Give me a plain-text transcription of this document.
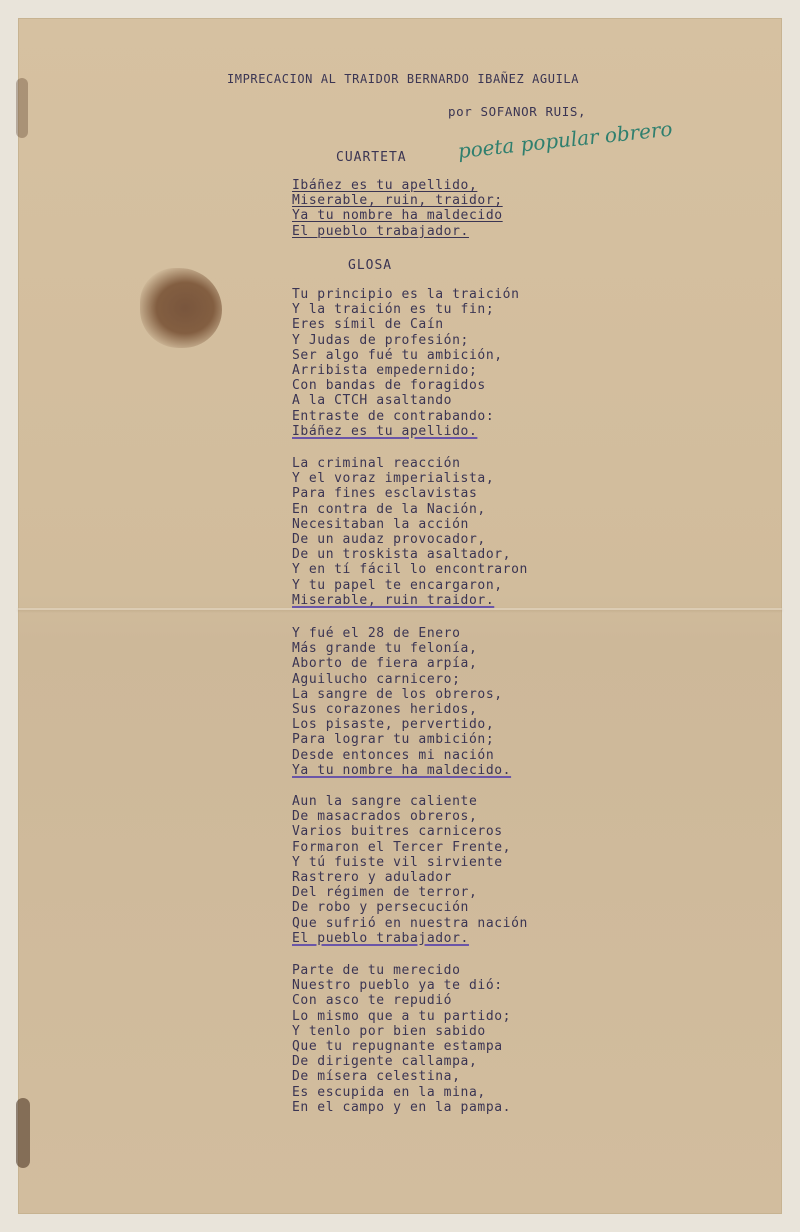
IMPRECACION AL TRAIDOR BERNARDO IBAÑEZ AGUILA
por SOFANOR RUIS,
poeta popular obrero
CUARTETA
Ibáñez es tu apellido,
Miserable, ruin, traidor;
Ya tu nombre ha maldecido
El pueblo trabajador.
GLOSA
Tu principio es la traición
Y la traición es tu fin;
Eres símil de Caín
Y Judas de profesión;
Ser algo fué tu ambición,
Arribista empedernido;
Con bandas de foragidos
A la CTCH asaltando
Entraste de contrabando:
Ibáñez es tu apellido.
La criminal reacción
Y el voraz imperialista,
Para fines esclavistas
En contra de la Nación,
Necesitaban la acción
De un audaz provocador,
De un troskista asaltador,
Y en tí fácil lo encontraron
Y tu papel te encargaron,
Miserable, ruin traidor.
Y fué el 28 de Enero
Más grande tu felonía,
Aborto de fiera arpía,
Aguilucho carnicero;
La sangre de los obreros,
Sus corazones heridos,
Los pisaste, pervertido,
Para lograr tu ambición;
Desde entonces mi nación
Ya tu nombre ha maldecido.
Aun la sangre caliente
De masacrados obreros,
Varios buitres carniceros
Formaron el Tercer Frente,
Y tú fuiste vil sirviente
Rastrero y adulador
Del régimen de terror,
De robo y persecución
Que sufrió en nuestra nación
El pueblo trabajador.
Parte de tu merecido
Nuestro pueblo ya te dió:
Con asco te repudió
Lo mismo que a tu partido;
Y tenlo por bien sabido
Que tu repugnante estampa
De dirigente callampa,
De mísera celestina,
Es escupida en la mina,
En el campo y en la pampa.
